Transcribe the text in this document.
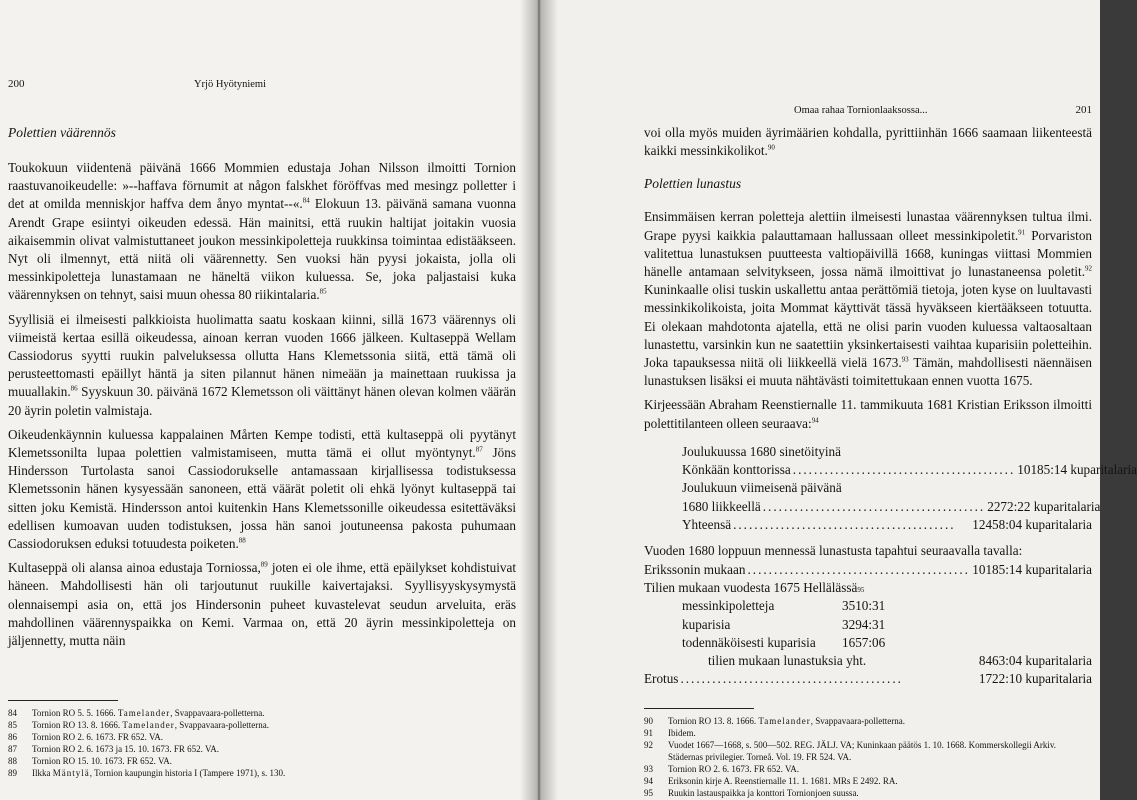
200	Yrjö Hyötyniemi
Polettien väärennös

Toukokuun viidentenä päivänä 1666 Mommien edustaja Johan Nilsson ilmoitti Tornion raastuvanoikeudelle: »--haffava förnumit at någon falskhet föröffvas med mesingz polletter i det at omilda menniskjor haffva dem ånyo myntat--«.$^{84}$ Elokuun 13. päivänä samana vuonna Arendt Grape esiintyi oikeuden edessä. Hän mainitsi, että ruukin haltijat joitakin vuosia aikaisemmin olivat valmistuttaneet joukon messinkipoletteja ruukkinsa toimintaa edistääkseen. Nyt oli ilmennyt, että niitä oli väärennetty. Sen vuoksi hän pyysi jokaista, jolla oli messinkipoletteja lunastamaan ne häneltä viikon kuluessa. Se, joka paljastaisi kuka väärennyksen on tehnyt, saisi muun ohessa 80 riikintalaria.$^{85}$

Syyllisiä ei ilmeisesti palkkioista huolimatta saatu koskaan kiinni, sillä 1673 väärennys oli viimeistä kertaa esillä oikeudessa, ainoan kerran vuoden 1666 jälkeen. Kultaseppä Wellam Cassiodorus syytti ruukin palveluksessa ollutta Hans Klemetssonia siitä, että tämä oli perusteettomasti epäillyt häntä ja siten pilannut hänen nimeään ja mainettaan ruukissa ja muuallakin.$^{86}$ Syyskuun 30. päivänä 1672 Klemetsson oli väittänyt hänen olevan kolmen väärän 20 äyrin poletin valmistaja.

Oikeudenkäynnin kuluessa kappalainen Mårten Kempe todisti, että kultaseppä oli pyytänyt Klemetssonilta lupaa polettien valmistamiseen, mutta tämä ei ollut myöntynyt.$^{87}$ Jöns Hindersson Turtolasta sanoi Cassiodorukselle antamassaan kirjallisessa todistuksessa Klemetssonin hänen kysyessään sanoneen, että väärät poletit oli ehkä lyönyt kultaseppä tai sitten joku Kemistä. Hindersson antoi kuitenkin Hans Klemetssonille oikeudessa esitettäväksi edellisen kumoavan uuden todistuksen, jossa hän sanoi joutuneensa pakosta puhumaan Cassiodoruksen eduksi totuudesta poiketen.$^{88}$

Kultaseppä oli alansa ainoa edustaja Torniossa,$^{89}$ joten ei ole ihme, että epäilykset kohdistuivat häneen. Mahdollisesti hän oli tarjoutunut ruukille kaivertajaksi. Syyllisyyskysymystä olennaisempi asia on, että jos Hindersonin puheet kuvastelevat seudun arveluita, eräs mahdollinen väärennyspaikka on Kemi. Varmaa on, että 20 äyrin messinkipoletteja on jäljennetty, mutta näin

84	Tornion RO 5. 5. 1666. Tamelander, Svappavaara-polletterna.
85	Tornion RO 13. 8. 1666. Tamelander, Svappavaara-polletterna.
86	Tornion RO 2. 6. 1673. FR 652. VA.
87	Tornion RO 2. 6. 1673 ja 15. 10. 1673. FR 652. VA.
88	Tornion RO 15. 10. 1673. FR 652. VA.
89	Ilkka Mäntylä, Tornion kaupungin historia I (Tampere 1971), s. 130.
Omaa rahaa Tornionlaaksossa...	201

voi olla myös muiden äyrimäärien kohdalla, pyrittiinhän 1666 saamaan liikenteestä kaikki messinkikolikot.$^{90}$

Polettien lunastus

Ensimmäisen kerran poletteja alettiin ilmeisesti lunastaa väärennyksen tultua ilmi. Grape pyysi kaikkia palauttamaan hallussaan olleet messinkipoletit.$^{91}$ Porvariston valitettua lunastuksen puutteesta valtiopäivillä 1668, kuningas viittasi Mommien hänelle antamaan selvitykseen, jossa nämä ilmoittivat jo lunastaneensa poletit.$^{92}$ Kuninkaalle olisi tuskin uskallettu antaa perättömiä tietoja, joten kyse on luultavasti messinkikolikoista, joita Mommat käyttivät tässä hyväkseen kiertääkseen totuutta. Ei olekaan mahdotonta ajatella, että ne olisi parin vuoden kuluessa valtaosaltaan lunastettu, varsinkin kun ne saatettiin yksinkertaisesti vaihtaa kuparisiin poletteihin. Joka tapauksessa niitä oli liikkeellä vielä 1673.93 Tämän, mahdollisesti näennäisen lunastuksen lisäksi ei muuta nähtävästi toimitettukaan ennen vuotta 1675.

Kirjeessään Abraham Reenstiernalle 11. tammikuuta 1681 Kristian Eriksson ilmoitti polettitilanteen olleen seuraava:$^{94}$

Joulukuussa 1680 sinetöityinä
Könkään konttorissa .......................................... 10185:14 kuparitalaria
Joulukuun viimeisenä päivänä
1680 liikkeellä .......................................... 2272:22 kuparitalaria
Yhteensä ..........................................	12458:04 kuparitalaria
Vuoden 1680 loppuun mennessä lunastusta tapahtui seuraavalla tavalla:
Erikssonin mukaan .......................................... 10185:14 kuparitalaria
Tilien mukaan vuodesta 1675 Hellälässä 95
messinkipoletteja	3510:31
kuparisia	3294:31
todennäköisesti kuparisia	1657:06
tilien mukaan lunastuksia yht.	8463:04 kuparitalaria
Erotus ..........................................	1722:10 kuparitalaria
90	Tornion RO 13. 8. 1666. Tamelander, Svappavaara-polletterna.
91	Ibidem.
92	Vuodet 1667—1668, s. 500—502. REG. JÄLJ. VA; Kuninkaan päätös 1. 10. 1668. Kommerskollegii Arkiv. Städernas privilegier. Torneå. Vol. 19. FR 524. VA.
93	Tornion RO 2. 6. 1673. FR 652. VA.
94	Eriksonin kirje A. Reenstiernalle 11. 1. 1681. MRs E 2492. RA.
95	Ruukin lastauspaikka ja konttori Tornionjoen suussa.
